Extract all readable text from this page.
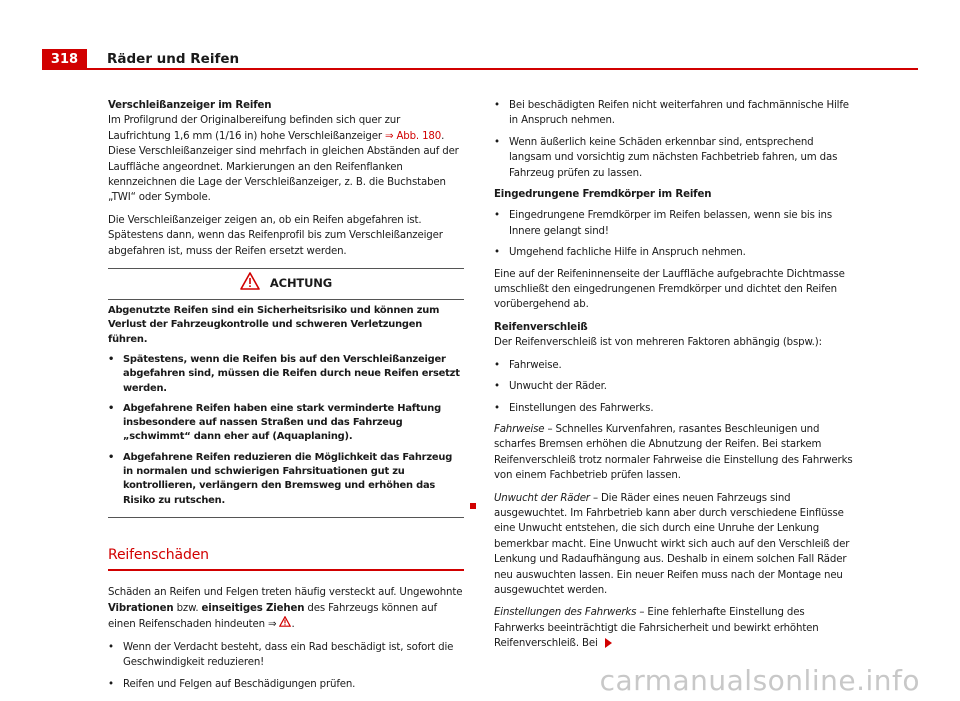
318	Räder und Reifen

Verschleißanzeiger im Reifen

Im Profilgrund der Originalbereifung befinden sich quer zur Laufrichtung 1,6 mm (1/16 in) hohe Verschleißanzeiger ⇒ Abb. 180. Diese Verschleißanzeiger sind mehrfach in gleichen Abständen auf der Lauffläche angeordnet. Markierungen an den Reifenflanken kennzeichnen die Lage der Verschleißanzeiger, z. B. die Buchstaben „TWI“ oder Symbole.

Die Verschleißanzeiger zeigen an, ob ein Reifen abgefahren ist. Spätestens dann, wenn das Reifenprofil bis zum Verschleißanzeiger abgefahren ist, muss der Reifen ersetzt werden.

ACHTUNG

Abgenutzte Reifen sind ein Sicherheitsrisiko und können zum Verlust der Fahrzeugkontrolle und schweren Verletzungen führen.

• Spätestens, wenn die Reifen bis auf den Verschleißanzeiger abgefahren sind, müssen die Reifen durch neue Reifen ersetzt werden.
• Abgefahrene Reifen haben eine stark verminderte Haftung insbesondere auf nassen Straßen und das Fahrzeug „schwimmt“ dann eher auf (Aquaplaning).
• Abgefahrene Reifen reduzieren die Möglichkeit das Fahrzeug in normalen und schwierigen Fahrsituationen gut zu kontrollieren, verlängern den Bremsweg und erhöhen das Risiko zu rutschen.
Reifenschäden

Schäden an Reifen und Felgen treten häufig versteckt auf. Ungewohnte Vibrationen bzw. einseitiges Ziehen des Fahrzeugs können auf einen Reifenschaden hindeuten ⇒ .

• Wenn der Verdacht besteht, dass ein Rad beschädigt ist, sofort die Geschwindigkeit reduzieren!
• Reifen und Felgen auf Beschädigungen prüfen.
• Bei beschädigten Reifen nicht weiterfahren und fachmännische Hilfe in Anspruch nehmen.
• Wenn äußerlich keine Schäden erkennbar sind, entsprechend langsam und vorsichtig zum nächsten Fachbetrieb fahren, um das Fahrzeug prüfen zu lassen.

Eingedrungene Fremdkörper im Reifen

• Eingedrungene Fremdkörper im Reifen belassen, wenn sie bis ins Innere gelangt sind!
• Umgehend fachliche Hilfe in Anspruch nehmen.

Eine auf der Reifeninnenseite der Lauffläche aufgebrachte Dichtmasse umschließt den eingedrungenen Fremdkörper und dichtet den Reifen vorübergehend ab.

Reifenverschleiß

Der Reifenverschleiß ist von mehreren Faktoren abhängig (bspw.):

• Fahrweise.
• Unwucht der Räder.
• Einstellungen des Fahrwerks.

Fahrweise – Schnelles Kurvenfahren, rasantes Beschleunigen und scharfes Bremsen erhöhen die Abnutzung der Reifen. Bei starkem Reifenverschleiß trotz normaler Fahrweise die Einstellung des Fahrwerks von einem Fachbetrieb prüfen lassen.

Unwucht der Räder – Die Räder eines neuen Fahrzeugs sind ausgewuchtet. Im Fahrbetrieb kann aber durch verschiedene Einflüsse eine Unwucht entstehen, die sich durch eine Unruhe der Lenkung bemerkbar macht. Eine Unwucht wirkt sich auch auf den Verschleiß der Lenkung und Radaufhängung aus. Deshalb in einem solchen Fall Räder neu auswuchten lassen. Ein neuer Reifen muss nach der Montage neu ausgewuchtet werden.

Einstellungen des Fahrwerks – Eine fehlerhafte Einstellung des Fahrwerks beeinträchtigt die Fahrsicherheit und bewirkt erhöhten Reifenverschleiß. Bei

carmanualsonline.info
